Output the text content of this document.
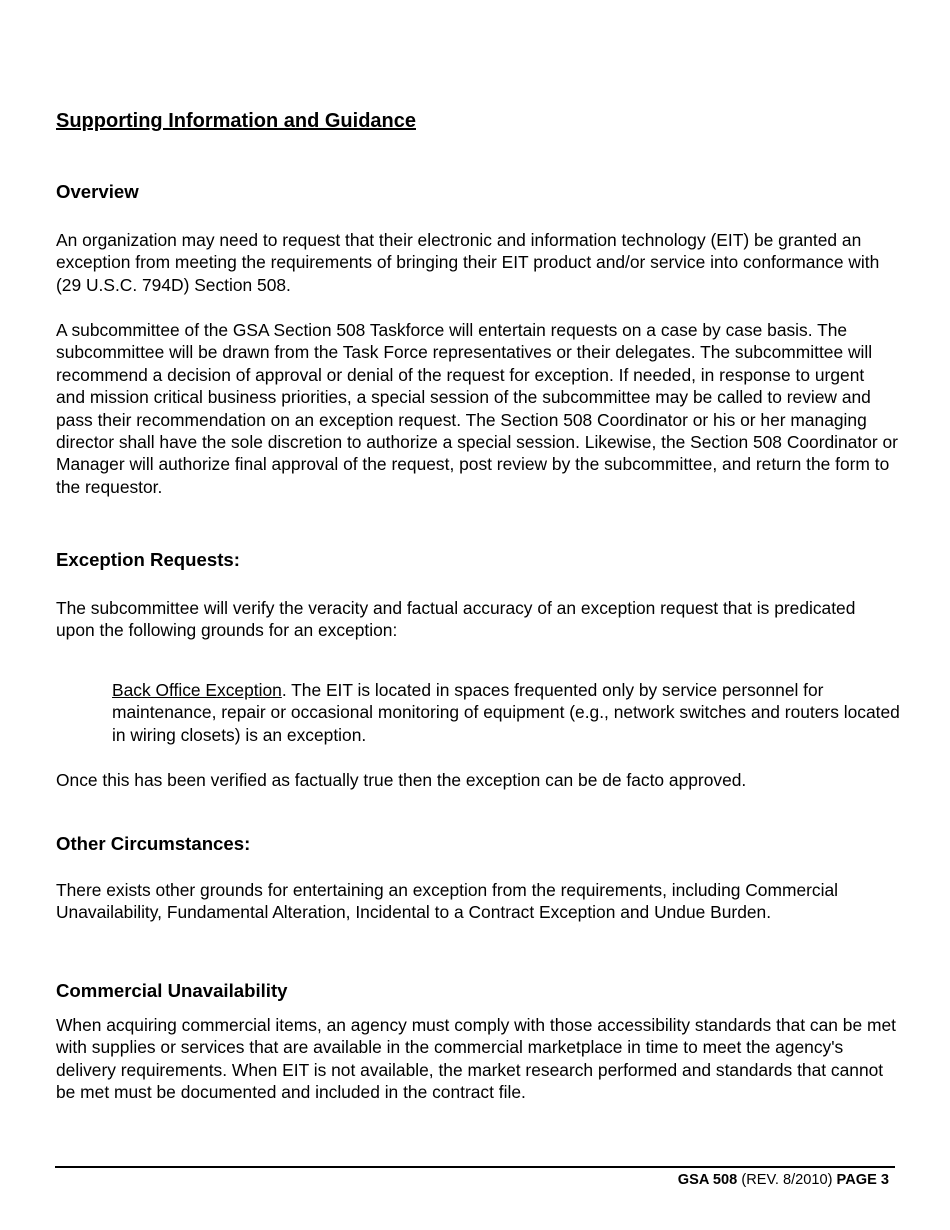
Supporting Information and Guidance
Overview

An organization may need to request that their electronic and information technology (EIT) be granted an exception from meeting the requirements of bringing their EIT product and/or service into conformance with (29 U.S.C. 794D) Section 508.

A subcommittee of the GSA Section 508 Taskforce will entertain requests on a case by case basis. The subcommittee will be drawn from the Task Force representatives or their delegates. The subcommittee will recommend a decision of approval or denial of the request for exception. If needed, in response to urgent and mission critical business priorities, a special session of the subcommittee may be called to review and pass their recommendation on an exception request. The Section 508 Coordinator or his or her managing director shall have the sole discretion to authorize a special session. Likewise, the Section 508 Coordinator or Manager will authorize final approval of the request, post review by the subcommittee, and return the form to the requestor.

Exception Requests:

The subcommittee will verify the veracity and factual accuracy of an exception request that is predicated upon the following grounds for an exception:

Back Office Exception. The EIT is located in spaces frequented only by service personnel for maintenance, repair or occasional monitoring of equipment (e.g., network switches and routers located in wiring closets) is an exception.

Once this has been verified as factually true then the exception can be de facto approved.

Other Circumstances:

There exists other grounds for entertaining an exception from the requirements, including Commercial Unavailability, Fundamental Alteration, Incidental to a Contract Exception and Undue Burden.

Commercial Unavailability

When acquiring commercial items, an agency must comply with those accessibility standards that can be met with supplies or services that are available in the commercial marketplace in time to meet the agency's delivery requirements. When EIT is not available, the market research performed and standards that cannot be met must be documented and included in the contract file.

GSA 508 (REV. 8/2010) PAGE 3
